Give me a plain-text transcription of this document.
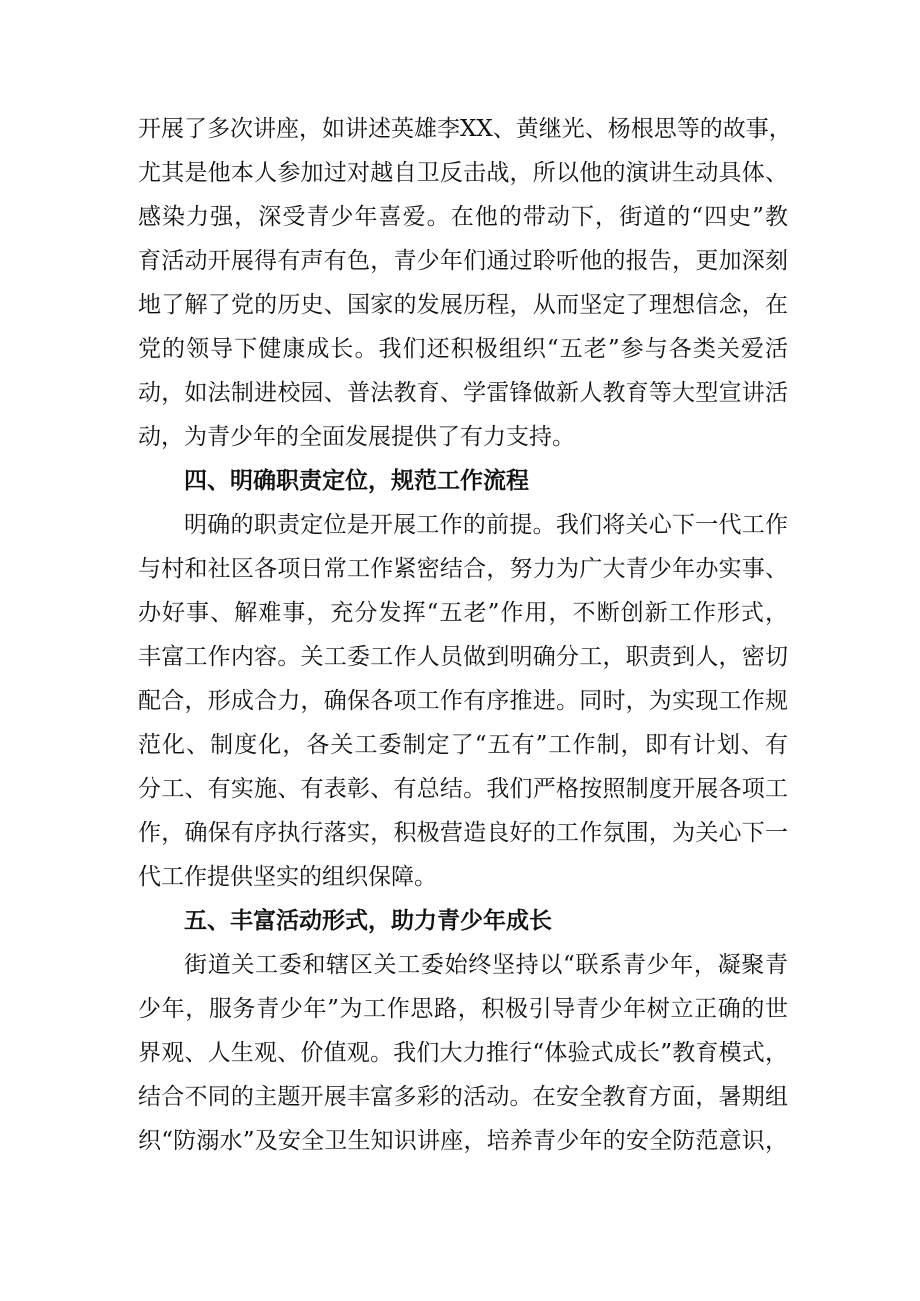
开展了多次讲座，如讲述英雄李XX、黄继光、杨根思等的故事，
尤其是他本人参加过对越自卫反击战，所以他的演讲生动具体、
感染力强，深受青少年喜爱。在他的带动下，街道的“四史”教
育活动开展得有声有色，青少年们通过聆听他的报告，更加深刻
地了解了党的历史、国家的发展历程，从而坚定了理想信念，在
党的领导下健康成长。我们还积极组织“五老”参与各类关爱活
动，如法制进校园、普法教育、学雷锋做新人教育等大型宣讲活
动，为青少年的全面发展提供了有力支持。
四、明确职责定位，规范工作流程
明确的职责定位是开展工作的前提。我们将关心下一代工作
与村和社区各项日常工作紧密结合，努力为广大青少年办实事、
办好事、解难事，充分发挥“五老”作用，不断创新工作形式，
丰富工作内容。关工委工作人员做到明确分工，职责到人，密切
配合，形成合力，确保各项工作有序推进。同时，为实现工作规
范化、制度化，各关工委制定了“五有”工作制，即有计划、有
分工、有实施、有表彰、有总结。我们严格按照制度开展各项工
作，确保有序执行落实，积极营造良好的工作氛围，为关心下一
代工作提供坚实的组织保障。
五、丰富活动形式，助力青少年成长
街道关工委和辖区关工委始终坚持以“联系青少年，凝聚青
少年，服务青少年”为工作思路，积极引导青少年树立正确的世
界观、人生观、价值观。我们大力推行“体验式成长”教育模式，
结合不同的主题开展丰富多彩的活动。在安全教育方面，暑期组
织“防溺水”及安全卫生知识讲座，培养青少年的安全防范意识，
